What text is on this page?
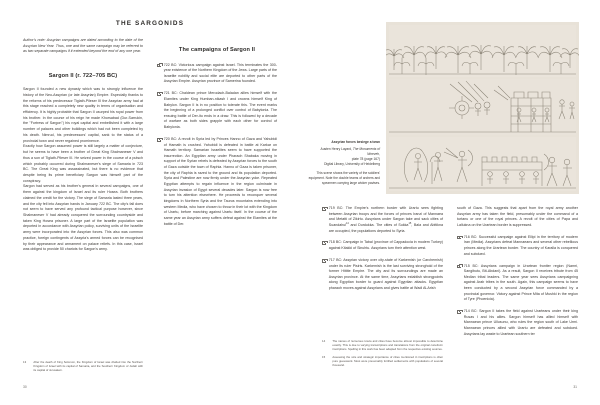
THE SARGONIDS
Author's note: Assyrian campaigns are dated according to the date of the Assyrian New Year. Thus, one and the same campaign may be referred to as two separate campaigns if it extended beyond the end of any one year.
Sargon II (r. 722–705 BC)

Sargon II founded a new dynasty which was to strongly influence the history of the Neo-Assyrian (or late Assyrian) Empire. Especially thanks to the reforms of his predecessor Tiglath-Pileser III the Assyrian army had at this stage reached a completely new quality in terms of organisation and efficiency. It is highly probable that Sargon II usurped his royal power from his brother. In the course of his reign he made Khorsabad (Dur-Sarrukin, the "Fortress of Sargon") his royal capital and embellished it with a large number of palaces and other buildings which had not been completed by his death. Nimrud, his predecessors' capital, sank to the status of a provincial town and never regained prominence.

Exactly how Sargon assumed power is still largely a matter of conjecture, but he seems to have been a brother of Great King Shalmaneser V and thus a son of Tiglath-Pileser III. He seized power in the course of a putsch which probably occurred during Shalmaneser's siege of Samaria in 723 BC. The Great King was assassinated, but there is no evidence that despite being its prime beneficiary Sargon was himself part of the conspiracy.

Sargon had served as his brother's general in several campaigns, one of them against the kingdom of Israel and its ruler Hosea. Both brothers claimed the credit for the victory. The siege of Samaria lasted three years, and the city fell into Assyrian hands in January 722 BC. The city's fall does not seem to have served any profound tactical purpose however, since Shalmaneser V had already conquered the surrounding countryside and taken King Hosea prisoner. A large part of the Israelite population was deported in accordance with Assyrian policy, surviving units of the Israelite army were incorporated into the Assyrian forces. This also was common practice, foreign contingents of Assyria's armed forces can be recognised by their appearance and armament on palace reliefs. In this case, Israel was obliged to provide 50 chariots for Sargon's army.

The campaigns of Sargon II
722 BC: Victorious campaign against Israel. This terminates the 300-year existence of the Northern Kingdom of the Jews. Large parts of the Israelite nobility and social elite are deported to other parts of the Assyrian Empire. Assyrian province of Samerina founded.
721 BC: Chaldean prince Merodach-Baladan allies himself with the Elamites under King Humban-nikash I and crowns himself King of Babylon. Sargon II is in no position to tolerate this. The event marks the beginning of a prolonged conflict over control of Babylonia. The ensuing battle of Der-itu ends in a draw. This is followed by a decade of warfare as both sides grapple with each other for control of Babylonia.
720 BC: A revolt in Syria led by Princes Hanno of Gaza and Yahubidi of Hamath is crushed. Yahubidi is defeated in battle at Karkar on Hamath territory. Samarian Israelites seem to have supported the insurrection. An Egyptian army under Pharaoh Shabaka moving in support of the Syrian rebels is defeated by Assyrian forces to the south of Gaza outside the town of Raphia. Hanno of Gaza is taken prisoner, the city of Raphia is razed to the ground and its population deported. Syria and Palestine are now firmly under the Assyrian yoke. Repeated Egyptian attempts to regain influence in the region culminate in Assyrian invasion of Egypt several decades later. Sargon is now free to turn his attention elsewhere. He proceeds to reconquer several kingdoms in Northern Syria and the Taurus mountains extending into western Media, who have chosen to throw in their lot with the Kingdom of Urartu, before marching against Urartu itself. In the course of the same year an Assyrian army suffers defeat against the Elamites at the battle of Der.
13	After the death of King Solomon, the Kingdom of Israel was divided into the Northern Kingdom of Israel with its capital of Samaria, and the Southern Kingdom of Judah with its capital of Jerusalem.
30
Assyrian forces besiege a town
Austen Henry Layard, The Monuments of Nineveh,
plate 78 (page 167)
Digital Library, University of Heidelberg
This scene shows the variety of the soldiers' equipment. Note the double teams of archers and spearmen carrying large wicker pavises.
719 BC: The Empire's northern border with Urartu sees fighting between Assyrian troops and the forces of princes Iranzi of Mannaea and Metatti of Zikirtu. Assyrians under Sargon take and sack cities of Suandahul$^{14}$ and Durdukka. The cities of Sukka$^{15}$, Bala and Abitikna are occupied, the populations deported to Syria.
718 BC: Campaign in Tabal (province of Cappadocia in modern Turkey) against Kitakki of Sinuhtu. Assyrians turn their attention west.
717 BC: Assyrian victory over city-state of Karkemish (or Carchemish) under its ruler Pisiris. Karkemish is the last surviving stronghold of the former Hittite Empire. The city and its surroundings are made an Assyrian province. At the same time, Assyrians establish strongpoints along Egyptian border to guard against Egyptian attacks. Egyptian pharaoh moves against Assyrians and gives battle at Wadi Al-Arish
south of Gaza. This suggests that apart from the royal army another Assyrian army has taken the field, presumably under the command of a turtanu or one of the royal princes. A revolt of the cities of Papa and Lallukna on the Urartean border is suppressed.
716 BC: Successful campaign against Ellipi in the territory of modern Iran (Media). Assyrians defeat Mannaeans and several other rebellious princes along the Urartean border. The country of Karalla is conquered and subdued.
715 BC: Assyrians campaign in Urartean frontier region (Namri, Sangibutu, Bit-Abdani). As a result, Sargon II receives tribute from 45 Median tribal leaders. The same year sees Assyrians campaigning against Arab tribes in the south. Again, this campaign seems to have been conducted by a second Assyrian force commanded by a provincial governor. Victory against Prince Mita of Mushki in the region of Tyre (Phoenicia).
714 BC: Sargon II takes the field against Urarteans under their king Rusas I and his allies. Sargon himself has allied himself with Mannaean prince Ullusunu, who rules the region south of Lake Urmi. Mannaean princes allied with Urartu are defeated and subdued. Assyrians lay waste to Urartean southern ter
14	The names of numerous towns and cities have become almost impossible to determine exactly. This is due to varying transcriptions and translations from the original cuneiform inscriptions. Spelling in this work has been adapted from the respective existing sources.
15	Assessing the size and strategic importance of cities mentioned in inscriptions is often pure guesswork. Most were presumably fortified settlements with populations of several thousand.
31
